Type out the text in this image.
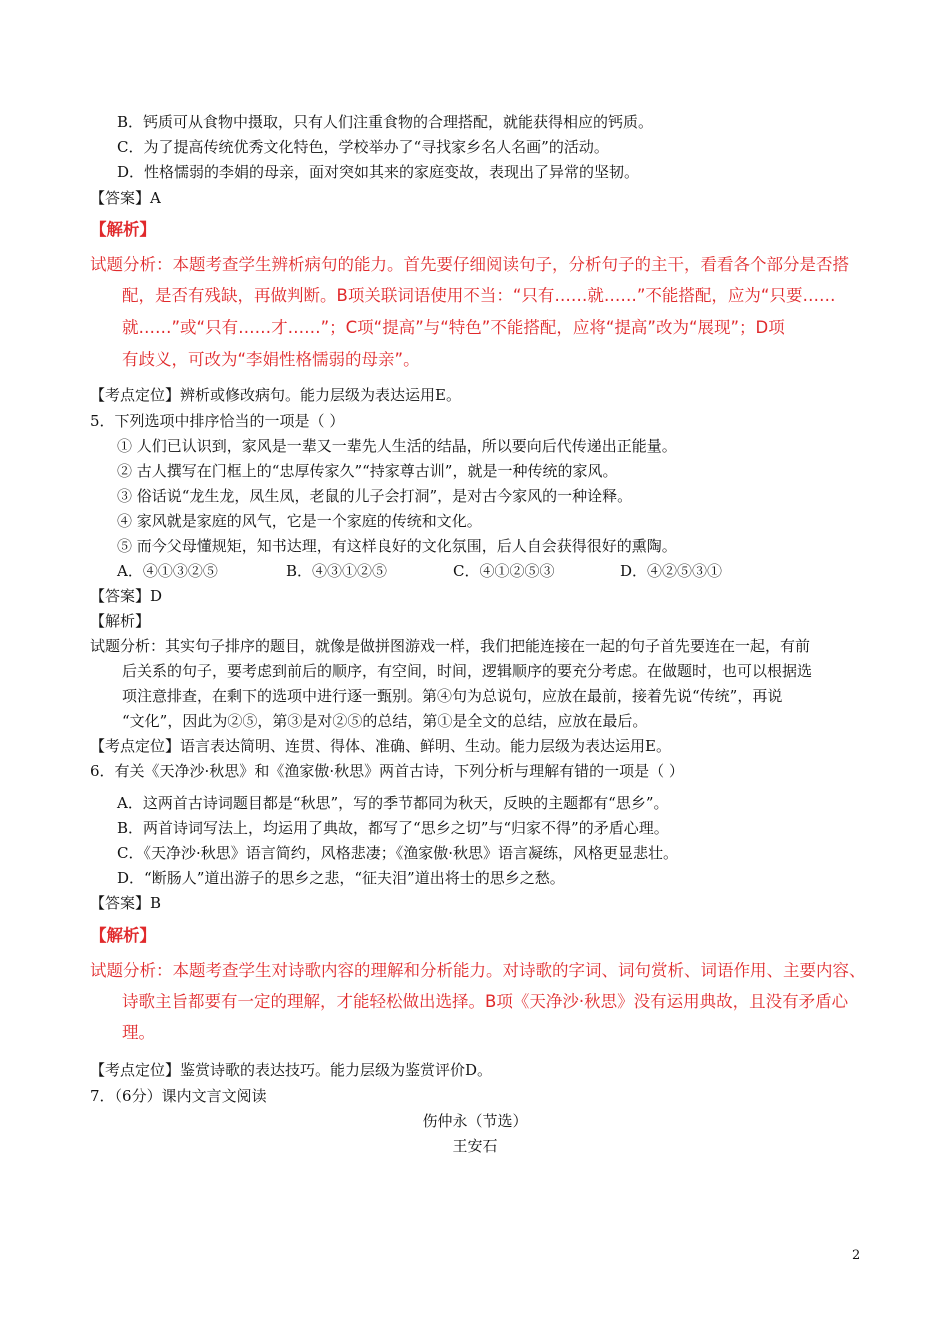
B．钙质可从食物中摄取，只有人们注重食物的合理搭配，就能获得相应的钙质。
C．为了提高传统优秀文化特色，学校举办了“寻找家乡名人名画”的活动。
D．性格懦弱的李娟的母亲，面对突如其来的家庭变故，表现出了异常的坚韧。
【答案】A
【解析】
试题分析：本题考查学生辨析病句的能力。首先要仔细阅读句子，分析句子的主干，看看各个部分是否搭
配，是否有残缺，再做判断。B项关联词语使用不当：“只有……就……”不能搭配，应为“只要……
就……”或“只有……才……”；C项“提高”与“特色”不能搭配，应将“提高”改为“展现”；D项
有歧义，可改为“李娟性格懦弱的母亲”。
【考点定位】辨析或修改病句。能力层级为表达运用E。
5．下列选项中排序恰当的一项是（ ）
① 人们已认识到，家风是一辈又一辈先人生活的结晶，所以要向后代传递出正能量。
② 古人撰写在门框上的“忠厚传家久”“持家尊古训”，就是一种传统的家风。
③ 俗话说“龙生龙，凤生凤，老鼠的儿子会打洞”，是对古今家风的一种诠释。
④ 家风就是家庭的风气，它是一个家庭的传统和文化。
⑤ 而今父母懂规矩，知书达理，有这样良好的文化氛围，后人自会获得很好的熏陶。
A．④①③②⑤	B．④③①②⑤	C．④①②⑤③	D．④②⑤③①
【答案】D
【解析】
试题分析：其实句子排序的题目，就像是做拼图游戏一样，我们把能连接在一起的句子首先要连在一起，有前
后关系的句子，要考虑到前后的顺序，有空间，时间，逻辑顺序的要充分考虑。在做题时，也可以根据选
项注意排查，在剩下的选项中进行逐一甄别。第④句为总说句，应放在最前，接着先说“传统”，再说
“文化”，因此为②⑤，第③是对②⑤的总结，第①是全文的总结，应放在最后。
【考点定位】语言表达简明、连贯、得体、准确、鲜明、生动。能力层级为表达运用E。
6．有关《天净沙·秋思》和《渔家傲·秋思》两首古诗，下列分析与理解有错的一项是（ ）
A．这两首古诗词题目都是“秋思”，写的季节都同为秋天，反映的主题都有“思乡”。
B．两首诗词写法上，均运用了典故，都写了“思乡之切”与“归家不得”的矛盾心理。
C．《天净沙·秋思》语言简约，风格悲凄；《渔家傲·秋思》语言凝练，风格更显悲壮。
D．“断肠人”道出游子的思乡之悲，“征夫泪”道出将士的思乡之愁。
【答案】B
【解析】
试题分析：本题考查学生对诗歌内容的理解和分析能力。对诗歌的字词、词句赏析、词语作用、主要内容、
诗歌主旨都要有一定的理解，才能轻松做出选择。B项《天净沙·秋思》没有运用典故，且没有矛盾心
理。
【考点定位】鉴赏诗歌的表达技巧。能力层级为鉴赏评价D。
7．（6分）课内文言文阅读
伤仲永（节选）
王安石
2
